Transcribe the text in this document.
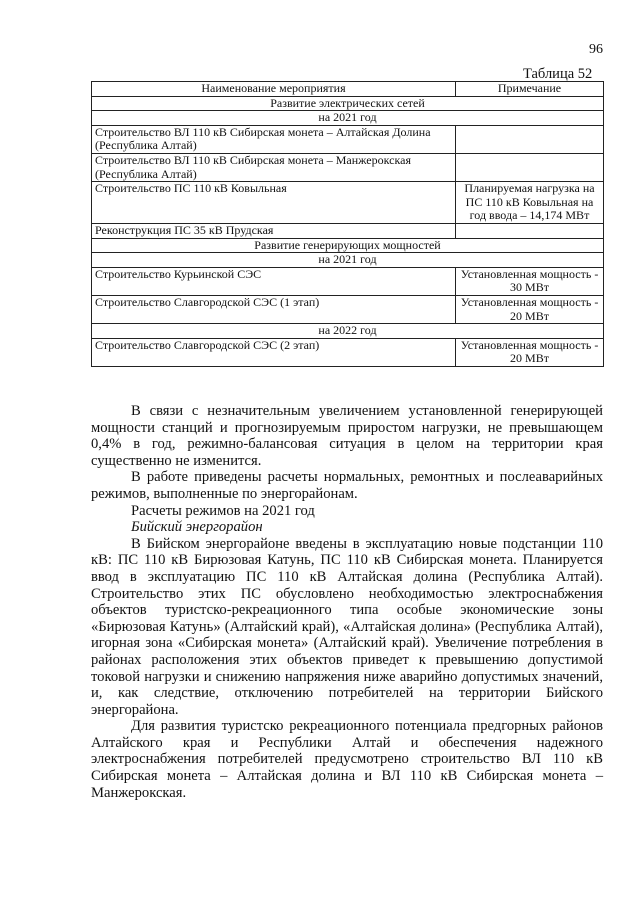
96
Таблица 52
Наименование мероприятия	Примечание
Развитие электрических сетей	
на 2021 год	
Строительство ВЛ 110 кВ Сибирская монета – Алтайская Долина (Республика Алтай)	
Строительство ВЛ 110 кВ Сибирская монета – Манжерокская (Республика Алтай)	
Строительство ПС 110 кВ Ковыльная	Планируемая нагрузка на ПС 110 кВ Ковыльная на год ввода – 14,174 МВт
Реконструкция ПС 35 кВ Прудская	
Развитие генерирующих мощностей	
на 2021 год	
Строительство Курьинской СЭС	Установленная мощность - 30 МВт
Строительство Славгородской СЭС (1 этап)	Установленная мощность - 20 МВт
на 2022 год	
Строительство Славгородской СЭС (2 этап)	Установленная мощность - 20 МВт

В связи с незначительным увеличением установленной генерирующей мощности станций и прогнозируемым приростом нагрузки, не превышающем 0,4% в год, режимно-балансовая ситуация в целом на территории края существенно не изменится.

В работе приведены расчеты нормальных, ремонтных и послеаварийных режимов, выполненные по энергорайонам.

Расчеты режимов на 2021 год

Бийский энергорайон

В Бийском энергорайоне введены в эксплуатацию новые подстанции 110 кВ: ПС 110 кВ Бирюзовая Катунь, ПС 110 кВ Сибирская монета. Планируется ввод в эксплуатацию ПС 110 кВ Алтайская долина (Республика Алтай). Строительство этих ПС обусловлено необходимостью электроснабжения объектов туристско-рекреационного типа особые экономические зоны «Бирюзовая Катунь» (Алтайский край), «Алтайская долина» (Республика Алтай), игорная зона «Сибирская монета» (Алтайский край). Увеличение потребления в районах расположения этих объектов приведет к превышению допустимой токовой нагрузки и снижению напряжения ниже аварийно допустимых значений, и, как следствие, отключению потребителей на территории Бийского энергорайона.

Для развития туристско рекреационного потенциала предгорных районов Алтайского края и Республики Алтай и обеспечения надежного электроснабжения потребителей предусмотрено строительство ВЛ 110 кВ Сибирская монета – Алтайская долина и ВЛ 110 кВ Сибирская монета – Манжерокская.
